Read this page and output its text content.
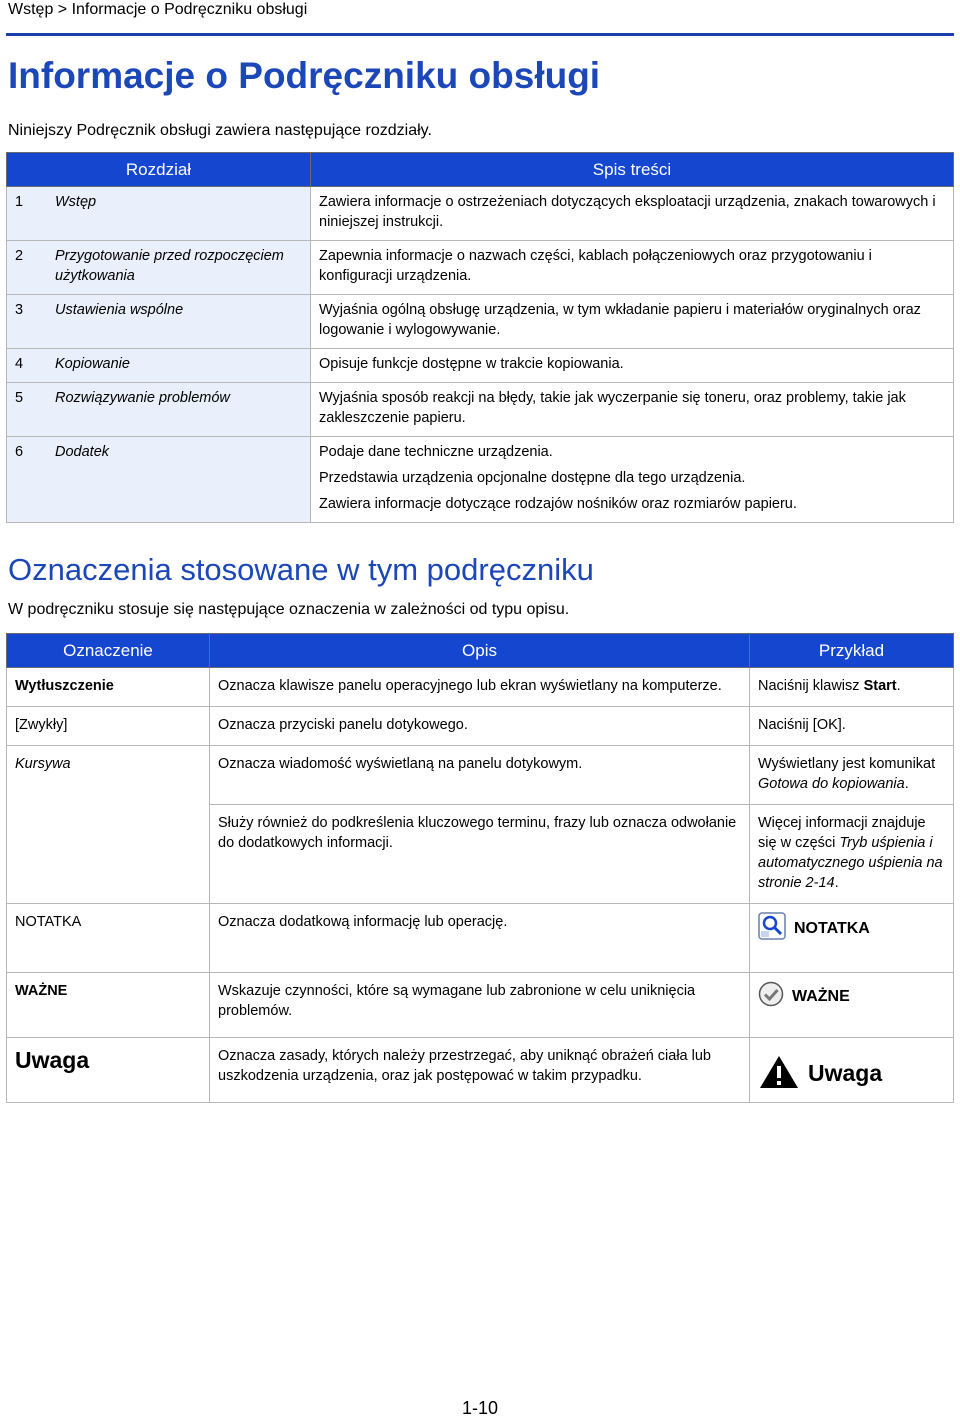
Wstęp > Informacje o Podręczniku obsługi
Informacje o Podręczniku obsługi
Niniejszy Podręcznik obsługi zawiera następujące rozdziały.
Rozdział		Spis treści
1	Wstęp	Zawiera informacje o ostrzeżeniach dotyczących eksploatacji urządzenia, znakach towarowych i niniejszej instrukcji.

2	Przygotowanie przed rozpoczęciem użytkowania	Zapewnia informacje o nazwach części, kablach połączeniowych oraz przygotowaniu i konfiguracji urządzenia.

3	Ustawienia wspólne	Wyjaśnia ogólną obsługę urządzenia, w tym wkładanie papieru i materiałów oryginalnych oraz logowanie i wylogowywanie.

4	Kopiowanie	Opisuje funkcje dostępne w trakcie kopiowania.

5	Rozwiązywanie problemów	Wyjaśnia sposób reakcji na błędy, takie jak wyczerpanie się toneru, oraz problemy, takie jak zakleszczenie papieru.

6	Dodatek	Podaje dane techniczne urządzenia.

Przedstawia urządzenia opcjonalne dostępne dla tego urządzenia.

Zawiera informacje dotyczące rodzajów nośników oraz rozmiarów papieru.

Oznaczenia stosowane w tym podręczniku
W podręczniku stosuje się następujące oznaczenia w zależności od typu opisu.
Oznaczenie	Opis	Przykład
Wytłuszczenie	Oznacza klawisze panelu operacyjnego lub ekran wyświetlany na komputerze.	Naciśnij klawisz Start.
[Zwykły]	Oznacza przyciski panelu dotykowego.	Naciśnij [OK].
Kursywa	Oznacza wiadomość wyświetlaną na panelu dotykowym.	Wyświetlany jest komunikat Gotowa do kopiowania.
	Służy również do podkreślenia kluczowego terminu, frazy lub oznacza odwołanie do dodatkowych informacji.	Więcej informacji znajduje się w części Tryb uśpienia i automatycznego uśpienia na stronie 2-14.
NOTATKA	Oznacza dodatkową informację lub operację.	NOTATKA

WAŻNE	Wskazuje czynności, które są wymagane lub zabronione w celu uniknięcia problemów.	WAŻNE

Uwaga	Oznacza zasady, których należy przestrzegać, aby uniknąć obrażeń ciała lub uszkodzenia urządzenia, oraz jak postępować w takim przypadku.	Uwaga
1-10
